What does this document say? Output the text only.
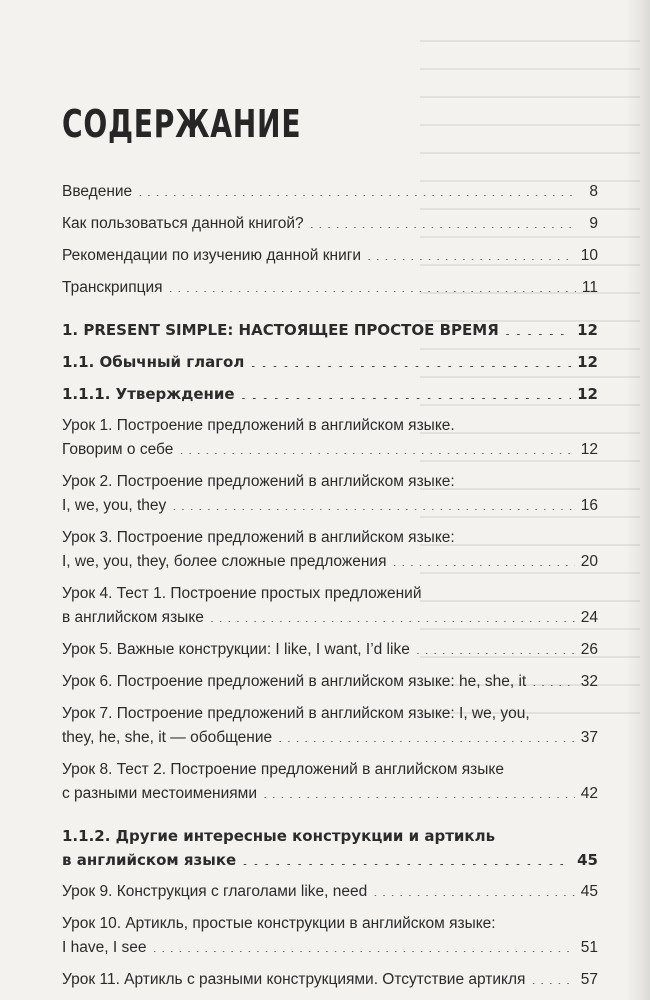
СОДЕРЖАНИЕ
Введение . . .	8
Как пользоваться данной книгой? . . .	9
Рекомендации по изучению данной книги . . .	10
Транскрипция . . .	11
1. PRESENT SIMPLE: НАСТОЯЩЕЕ ПРОСТОЕ ВРЕМЯ . . .	12
1.1. Обычный глагол . . .	12
1.1.1. Утверждение . . .	12
Урок 1. Построение предложений в английском языке.
Говорим о себе . . .	12
Урок 2. Построение предложений в английском языке:
I, we, you, they . . .	16
Урок 3. Построение предложений в английском языке:
I, we, you, they, более сложные предложения . . .	20
Урок 4. Тест 1. Построение простых предложений
в английском языке . . .	24
Урок 5. Важные конструкции: I like, I want, I’d like . . .	26
Урок 6. Построение предложений в английском языке: he, she, it . . .	32
Урок 7. Построение предложений в английском языке: I, we, you,
they, he, she, it — обобщение . . .	37
Урок 8. Тест 2. Построение предложений в английском языке
с разными местоимениями . . .	42
1.1.2. Другие интересные конструкции и артикль
в английском языке . . .	45
Урок 9. Конструкция с глаголами like, need . . .	45
Урок 10. Артикль, простые конструкции в английском языке:
I have, I see . . .	51
Урок 11. Артикль с разными конструкциями. Отсутствие артикля . . .	57
